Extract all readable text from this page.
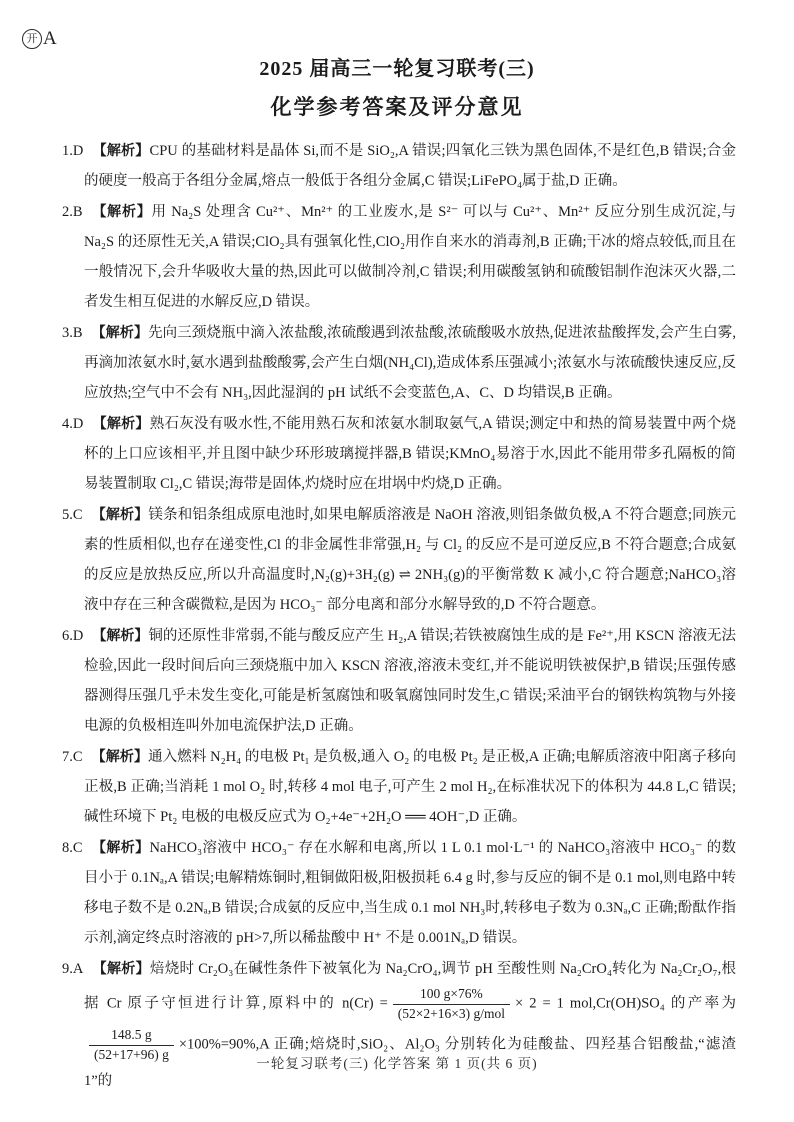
开 A
2025 届高三一轮复习联考(三)
化学参考答案及评分意见

1.D 【解析】CPU 的基础材料是晶体 Si,而不是 SiO₂,A 错误;四氧化三铁为黑色固体,不是红色,B 错误;合金的硬度一般高于各组分金属,熔点一般低于各组分金属,C 错误;LiFePO₄属于盐,D 正确。

2.B 【解析】用 Na₂S 处理含 Cu²⁺、Mn²⁺ 的工业废水,是 S²⁻ 可以与 Cu²⁺、Mn²⁺ 反应分别生成沉淀,与 Na₂S 的还原性无关,A 错误;ClO₂具有强氧化性,ClO₂用作自来水的消毒剂,B 正确;干冰的熔点较低,而且在一般情况下,会升华吸收大量的热,因此可以做制冷剂,C 错误;利用碳酸氢钠和硫酸铝制作泡沫灭火器,二者发生相互促进的水解反应,D 错误。

3.B 【解析】先向三颈烧瓶中滴入浓盐酸,浓硫酸遇到浓盐酸,浓硫酸吸水放热,促进浓盐酸挥发,会产生白雾,再滴加浓氨水时,氨水遇到盐酸酸雾,会产生白烟(NH₄Cl),造成体系压强减小;浓氨水与浓硫酸快速反应,反应放热;空气中不会有 NH₃,因此湿润的 pH 试纸不会变蓝色,A、C、D 均错误,B 正确。

4.D 【解析】熟石灰没有吸水性,不能用熟石灰和浓氨水制取氨气,A 错误;测定中和热的简易装置中两个烧杯的上口应该相平,并且图中缺少环形玻璃搅拌器,B 错误;KMnO₄易溶于水,因此不能用带多孔隔板的简易装置制取 Cl₂,C 错误;海带是固体,灼烧时应在坩埚中灼烧,D 正确。

5.C 【解析】镁条和铝条组成原电池时,如果电解质溶液是 NaOH 溶液,则铝条做负极,A 不符合题意;同族元素的性质相似,也存在递变性,Cl 的非金属性非常强,H₂ 与 Cl₂ 的反应不是可逆反应,B 不符合题意;合成氨的反应是放热反应,所以升高温度时,N₂(g)+3H₂(g) ⇌ 2NH₃(g)的平衡常数 K 减小,C 符合题意;NaHCO₃溶液中存在三种含碳微粒,是因为 HCO₃⁻ 部分电离和部分水解导致的,D 不符合题意。

6.D 【解析】铜的还原性非常弱,不能与酸反应产生 H₂,A 错误;若铁被腐蚀生成的是 Fe²⁺,用 KSCN 溶液无法检验,因此一段时间后向三颈烧瓶中加入 KSCN 溶液,溶液未变红,并不能说明铁被保护,B 错误;压强传感器测得压强几乎未发生变化,可能是析氢腐蚀和吸氧腐蚀同时发生,C 错误;采油平台的钢铁构筑物与外接电源的负极相连叫外加电流保护法,D 正确。

7.C 【解析】通入燃料 N₂H₄ 的电极 Pt₁ 是负极,通入 O₂ 的电极 Pt₂ 是正极,A 正确;电解质溶液中阳离子移向正极,B 正确;当消耗 1 mol O₂ 时,转移 4 mol 电子,可产生 2 mol H₂,在标准状况下的体积为 44.8 L,C 错误;碱性环境下 Pt₂ 电极的电极反应式为 O₂+4e⁻+2H₂O ══ 4OH⁻,D 正确。

8.C 【解析】NaHCO₃溶液中 HCO₃⁻ 存在水解和电离,所以 1 L 0.1 mol·L⁻¹ 的 NaHCO₃溶液中 HCO₃⁻ 的数目小于 0.1Nₐ,A 错误;电解精炼铜时,粗铜做阳极,阳极损耗 6.4 g 时,参与反应的铜不是 0.1 mol,则电路中转移电子数不是 0.2Nₐ,B 错误;合成氨的反应中,当生成 0.1 mol NH₃时,转移电子数为 0.3Nₐ,C 正确;酚酞作指示剂,滴定终点时溶液的 pH>7,所以稀盐酸中 H⁺ 不是 0.001Nₐ,D 错误。

9.A 【解析】焙烧时 Cr₂O₃在碱性条件下被氧化为 Na₂CrO₄,调节 pH 至酸性则 Na₂CrO₄转化为 Na₂Cr₂O₇,根据 Cr 原子守恒进行计算,原料中的 $n(Cr) = \frac{100 g\times 76\%}{\text{(52×2+16×3) g/mol}} \times 2 = 1$ mol,Cr(OH)SO₄ 的产率为
$\frac{148.5 g}{(52+17+96) g} \times 100\%=90\%,A$ 正确;焙烧时,SiO₂、Al₂O₃ 分别转化为硅酸盐、四羟基合铝酸盐,“滤渣 1”的

一轮复习联考(三) 化学答案 第 1 页(共 6 页)
